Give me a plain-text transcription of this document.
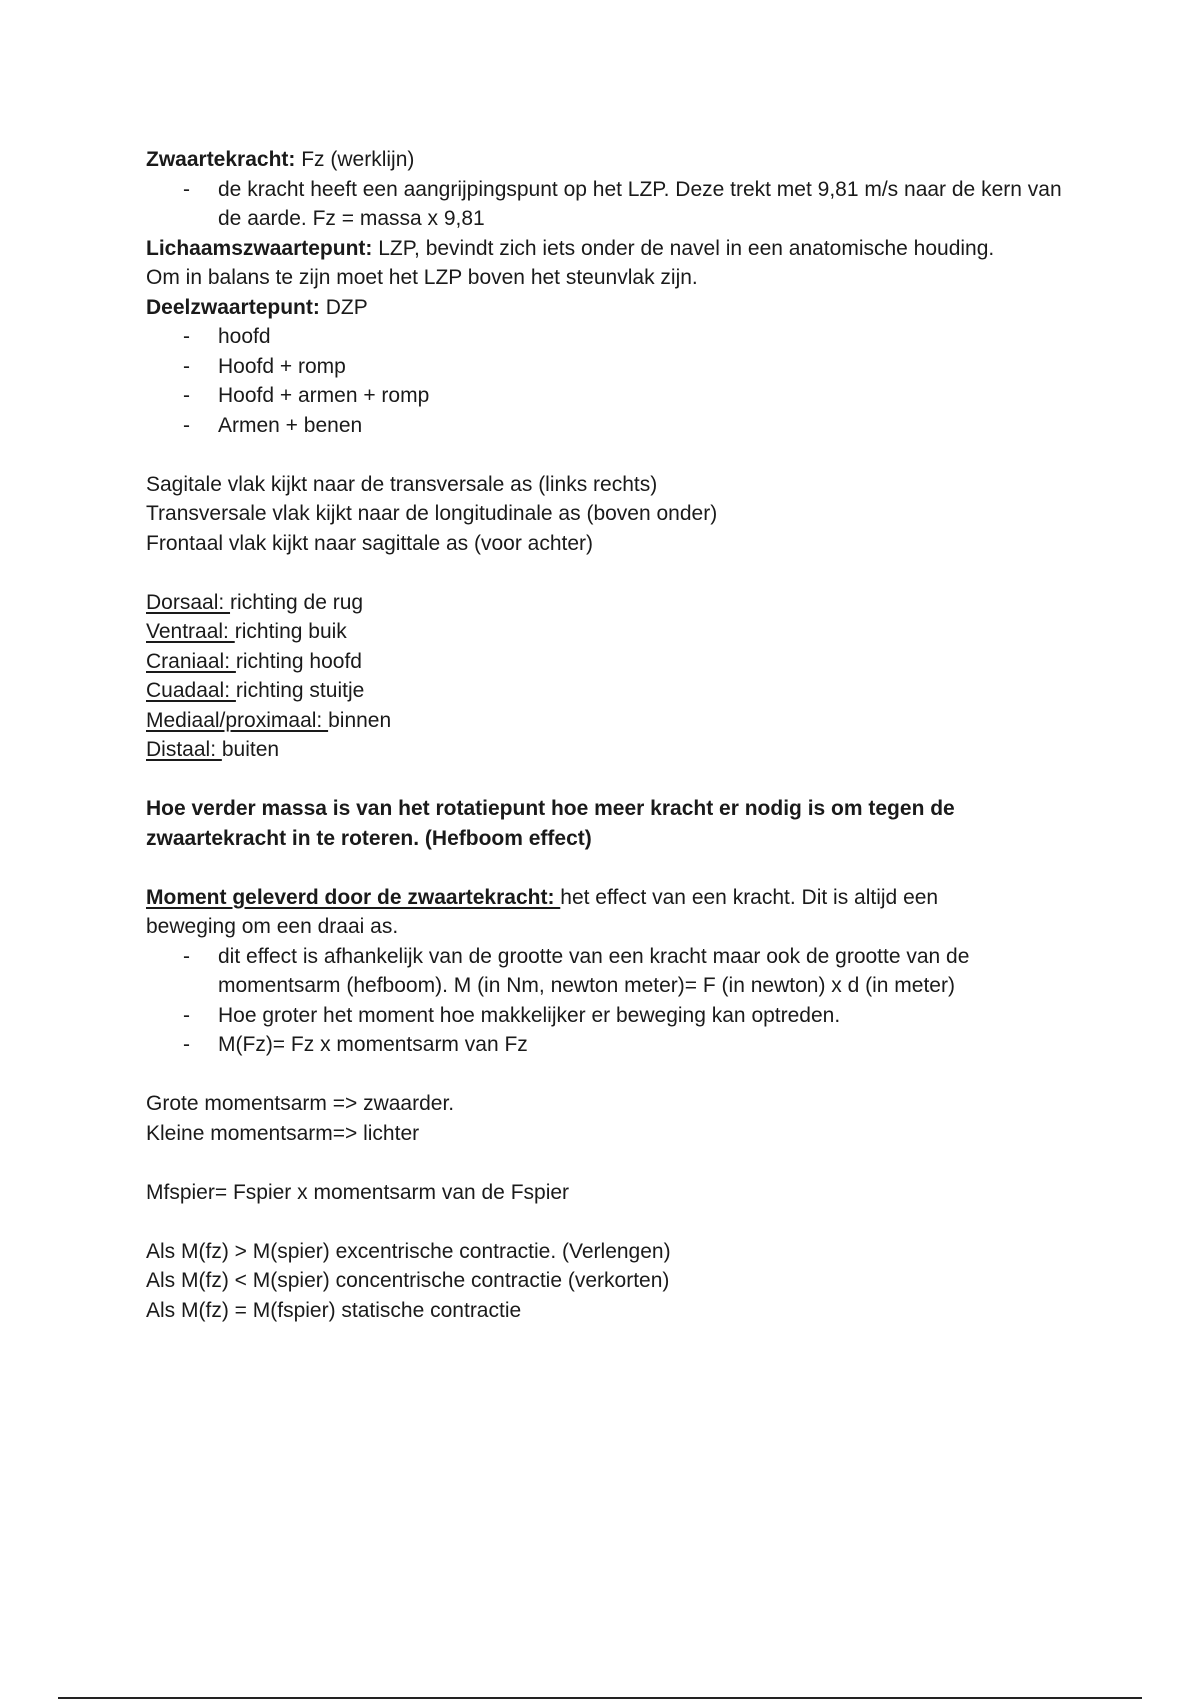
Zwaartekracht: Fz (werklijn)

- de kracht heeft een aangrijpingspunt op het LZP. Deze trekt met 9,81 m/s naar de kern van de aarde. Fz = massa x 9,81

Lichaamszwaartepunt: LZP, bevindt zich iets onder de navel in een anatomische houding.

Om in balans te zijn moet het LZP boven het steunvlak zijn.

Deelzwaartepunt: DZP

- hoofd

- Hoofd + romp

- Hoofd + armen + romp

- Armen + benen

Sagitale vlak kijkt naar de transversale as (links rechts)

Transversale vlak kijkt naar de longitudinale as (boven onder)

Frontaal vlak kijkt naar sagittale as (voor achter)

Dorsaal: richting de rug

Ventraal: richting buik

Craniaal: richting hoofd

Cuadaal: richting stuitje

Mediaal/proximaal: binnen

Distaal: buiten

Hoe verder massa is van het rotatiepunt hoe meer kracht er nodig is om tegen de zwaartekracht in te roteren. (Hefboom effect)

Moment geleverd door de zwaartekracht: het effect van een kracht. Dit is altijd een

beweging om een draai as.

- dit effect is afhankelijk van de grootte van een kracht maar ook de grootte van de momentsarm (hefboom). M (in Nm, newton meter)= F (in newton) x d (in meter)

- Hoe groter het moment hoe makkelijker er beweging kan optreden.

- M(Fz)= Fz x momentsarm van Fz

Grote momentsarm => zwaarder.

Kleine momentsarm=> lichter

Mfspier= Fspier x momentsarm van de Fspier

Als M(fz) > M(spier) excentrische contractie. (Verlengen)

Als M(fz) < M(spier) concentrische contractie (verkorten)

Als M(fz) = M(fspier) statische contractie
